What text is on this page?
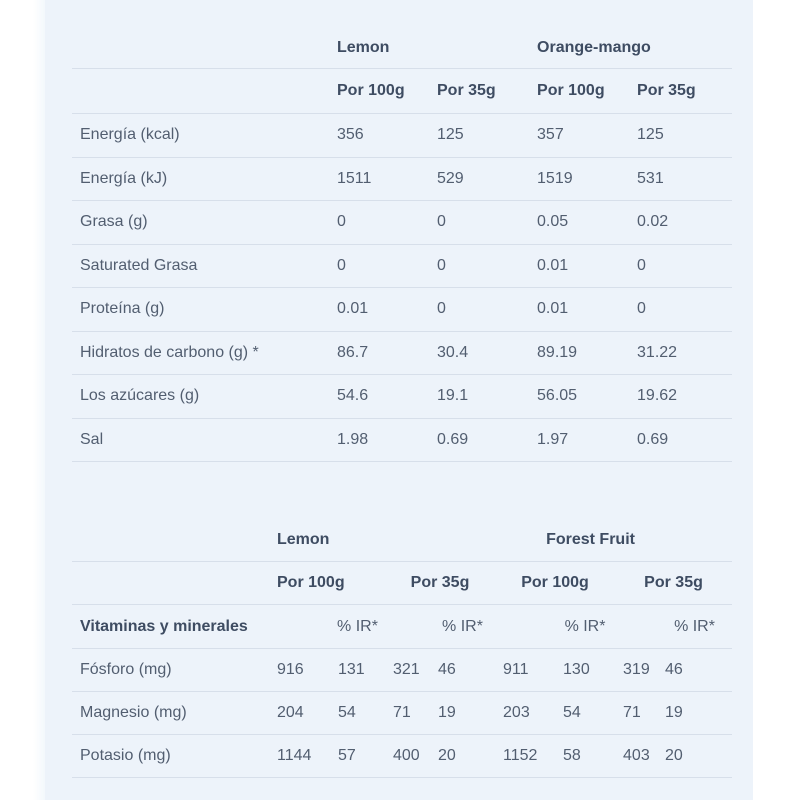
	Lemon		Orange-mango	
	Por 100g	Por 35g	Por 100g	Por 35g
Energía (kcal)	356	125	357	125
Energía (kJ)	1511	529	1519	531
Grasa (g)	0	0	0.05	0.02
Saturated Grasa	0	0	0.01	0
Proteína (g)	0.01	0	0.01	0
Hidratos de carbono (g) *	86.7	30.4	89.19	31.22
Los azúcares (g)	54.6	19.1	56.05	19.62
Sal	1.98	0.69	1.97	0.69
	Lemon				Forest Fruit			
	Por 100g		Por 35g		Por 100g		Por 35g	
Vitaminas y minerales		% IR*		% IR*		% IR*		% IR*
Fósforo (mg)	916	131	321	46	911	130	319	46
Magnesio (mg)	204	54	71	19	203	54	71	19
Potasio (mg)	1144	57	400	20	1152	58	403	20
